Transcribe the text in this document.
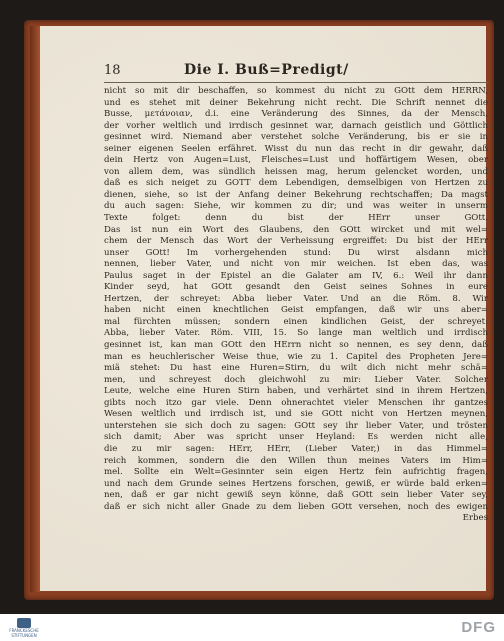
18	Die I. Buß=Predigt/
nicht so mit dir beschaffen, so kommest du nicht zu GOtt dem HERRN,
und es stehet mit deiner Bekehrung nicht recht. Die Schrift nennet die
Busse, μετάνοιαν, d.i. eine Veränderung des Sinnes, da der Mensch,
der vorher weltlich und irrdisch gesinnet war, darnach geistlich und Göttlich
gesinnet wird. Niemand aber verstehet solche Veränderung, bis er sie in
seiner eigenen Seelen erfähret. Wisst du nun das recht in dir gewahr, daß
dein Hertz von Augen=Lust, Fleisches=Lust und hoffärtigem Wesen, ober
von allem dem, was sündlich heissen mag, herum gelencket worden, und
daß es sich neiget zu GOTT dem Lebendigen, demselbigen von Hertzen zu
dienen, siehe, so ist der Anfang deiner Bekehrung rechtschaffen; Da magst
du auch sagen: Siehe, wir kommen zu dir; und was weiter in unserm
Texte folget: denn du bist der HErr unser GOtt.
Das ist nun ein Wort des Glaubens, den GOtt wircket und mit wel=
chem der Mensch das Wort der Verheissung ergreiffet: Du bist der HErr
unser GOtt! Im vorhergehenden stund: Du wirst alsdann mich
nennen, lieber Vater, und nicht von mir weichen. Ist eben das, was
Paulus saget in der Epistel an die Galater am IV, 6.: Weil ihr dann
Kinder seyd, hat GOtt gesandt den Geist seines Sohnes in eure
Hertzen, der schreyet: Abba lieber Vater. Und an die Röm. 8. Wir
haben nicht einen knechtlichen Geist empfangen, daß wir uns aber=
mal fürchten müssen; sondern einen kindlichen Geist, der schreyet:
Abba, lieber Vater. Röm. VIII, 15. So lange man weltlich und irrdisch
gesinnet ist, kan man GOtt den HErrn nicht so nennen, es sey denn, daß
man es heuchlerischer Weise thue, wie zu 1. Capitel des Propheten Jere=
miä stehet: Du hast eine Huren=Stirn, du wilt dich nicht mehr schä=
men, und schreyest doch gleichwohl zu mir: Lieber Vater. Solcher
Leute, welche eine Huren Stirn haben, und verhärtet sind in ihrem Hertzen,
gibts noch itzo gar viele. Denn ohnerachtet vieler Menschen ihr gantzes
Wesen weltlich und irrdisch ist, und sie GOtt nicht von Hertzen meynen,
unterstehen sie sich doch zu sagen: GOtt sey ihr lieber Vater, und trösten
sich damit; Aber was spricht unser Heyland: Es werden nicht alle,
die zu mir sagen: HErr, HErr, (Lieber Vater,) in das Himmel=
reich kommen, sondern die den Willen thun meines Vaters im Him=
mel. Sollte ein Welt=Gesinnter sein eigen Hertz fein aufrichtig fragen,
und nach dem Grunde seines Hertzens forschen, gewiß, er würde bald erken=
nen, daß er gar nicht gewiß seyn könne, daß GOtt sein lieber Vater sey,
daß er sich nicht aller Gnade zu dem lieben GOtt versehen, noch des ewigen
Erbes
FRANCKESCHE
STIFTUNGEN	DFG
